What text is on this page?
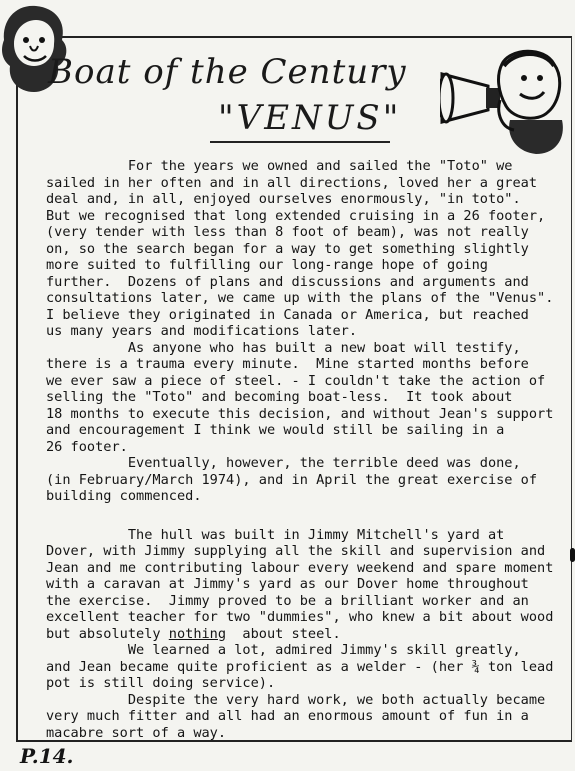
Boat of the Century
"VENUS"
For the years we owned and sailed the "Toto" we
sailed in her often and in all directions, loved her a great
deal and, in all, enjoyed ourselves enormously, "in toto".
But we recognised that long extended cruising in a 26 footer,
(very tender with less than 8 foot of beam), was not really
on, so the search began for a way to get something slightly
more suited to fulfilling our long-range hope of going
further.  Dozens of plans and discussions and arguments and
consultations later, we came up with the plans of the "Venus".
I believe they originated in Canada or America, but reached
us many years and modifications later.
As anyone who has built a new boat will testify,
there is a trauma every minute.  Mine started months before
we ever saw a piece of steel. - I couldn't take the action of
selling the "Toto" and becoming boat-less.  It took about
18 months to execute this decision, and without Jean's support
and encouragement I think we would still be sailing in a
26 footer.
Eventually, however, the terrible deed was done,
(in February/March 1974), and in April the great exercise of
building commenced.
The hull was built in Jimmy Mitchell's yard at
Dover, with Jimmy supplying all the skill and supervision and
Jean and me contributing labour every weekend and spare moment
with a caravan at Jimmy's yard as our Dover home throughout
the exercise.  Jimmy proved to be a brilliant worker and an
excellent teacher for two "dummies", who knew a bit about wood
but absolutely nothing  about steel.
We learned a lot, admired Jimmy's skill greatly,
and Jean became quite proficient as a welder - (her ¾ ton lead
pot is still doing service).
Despite the very hard work, we both actually became
very much fitter and all had an enormous amount of fun in a
macabre sort of a way.
P.14.
